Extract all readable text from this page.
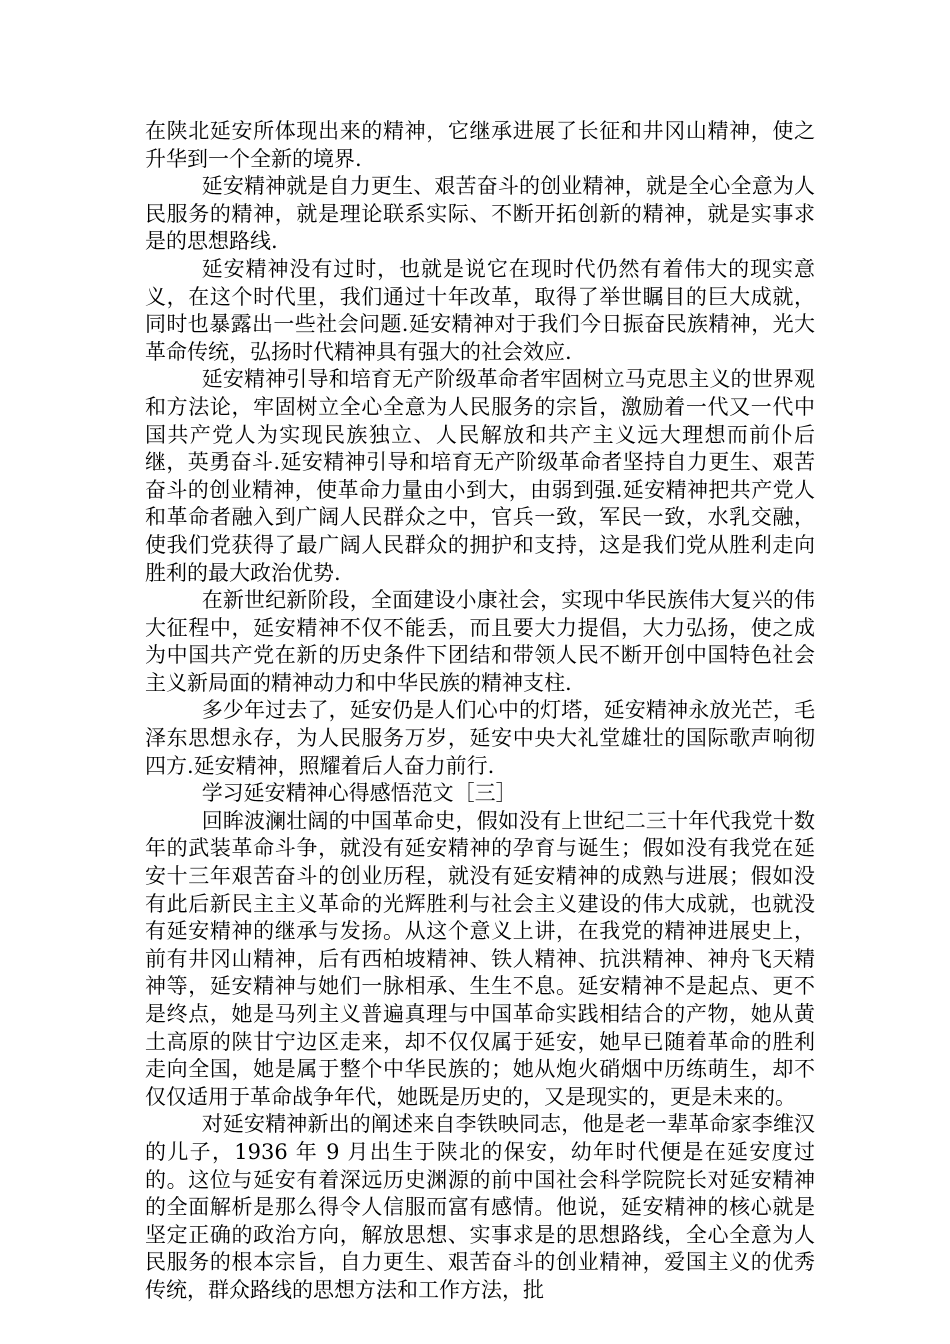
在陕北延安所体现出来的精神，它继承进展了长征和井冈山精神，使之升华到一个全新的境界.

延安精神就是自力更生、艰苦奋斗的创业精神，就是全心全意为人民服务的精神，就是理论联系实际、不断开拓创新的精神，就是实事求是的思想路线.

延安精神没有过时，也就是说它在现时代仍然有着伟大的现实意义，在这个时代里，我们通过十年改革，取得了举世瞩目的巨大成就，同时也暴露出一些社会问题.延安精神对于我们今日振奋民族精神，光大革命传统，弘扬时代精神具有强大的社会效应.

延安精神引导和培育无产阶级革命者牢固树立马克思主义的世界观和方法论，牢固树立全心全意为人民服务的宗旨，激励着一代又一代中国共产党人为实现民族独立、人民解放和共产主义远大理想而前仆后继，英勇奋斗.延安精神引导和培育无产阶级革命者坚持自力更生、艰苦奋斗的创业精神，使革命力量由小到大，由弱到强.延安精神把共产党人和革命者融入到广阔人民群众之中，官兵一致，军民一致，水乳交融，使我们党获得了最广阔人民群众的拥护和支持，这是我们党从胜利走向胜利的最大政治优势.

在新世纪新阶段，全面建设小康社会，实现中华民族伟大复兴的伟大征程中，延安精神不仅不能丢，而且要大力提倡，大力弘扬，使之成为中国共产党在新的历史条件下团结和带领人民不断开创中国特色社会主义新局面的精神动力和中华民族的精神支柱.

多少年过去了，延安仍是人们心中的灯塔，延安精神永放光芒，毛泽东思想永存，为人民服务万岁，延安中央大礼堂雄壮的国际歌声响彻四方.延安精神，照耀着后人奋力前行.

学习延安精神心得感悟范文［三］

回眸波澜壮阔的中国革命史，假如没有上世纪二三十年代我党十数年的武装革命斗争，就没有延安精神的孕育与诞生；假如没有我党在延安十三年艰苦奋斗的创业历程，就没有延安精神的成熟与进展；假如没有此后新民主主义革命的光辉胜利与社会主义建设的伟大成就，也就没有延安精神的继承与发扬。从这个意义上讲，在我党的精神进展史上，前有井冈山精神，后有西柏坡精神、铁人精神、抗洪精神、神舟飞天精神等，延安精神与她们一脉相承、生生不息。延安精神不是起点、更不是终点，她是马列主义普遍真理与中国革命实践相结合的产物，她从黄土高原的陕甘宁边区走来，却不仅仅属于延安，她早已随着革命的胜利走向全国，她是属于整个中华民族的；她从炮火硝烟中历练萌生，却不仅仅适用于革命战争年代，她既是历史的，又是现实的，更是未来的。

对延安精神新出的阐述来自李铁映同志，他是老一辈革命家李维汉的儿子，1936 年 9 月出生于陕北的保安，幼年时代便是在延安度过的。这位与延安有着深远历史渊源的前中国社会科学院院长对延安精神的全面解析是那么得令人信服而富有感情。他说，延安精神的核心就是坚定正确的政治方向，解放思想、实事求是的思想路线，全心全意为人民服务的根本宗旨，自力更生、艰苦奋斗的创业精神，爱国主义的优秀传统，群众路线的思想方法和工作方法，批
